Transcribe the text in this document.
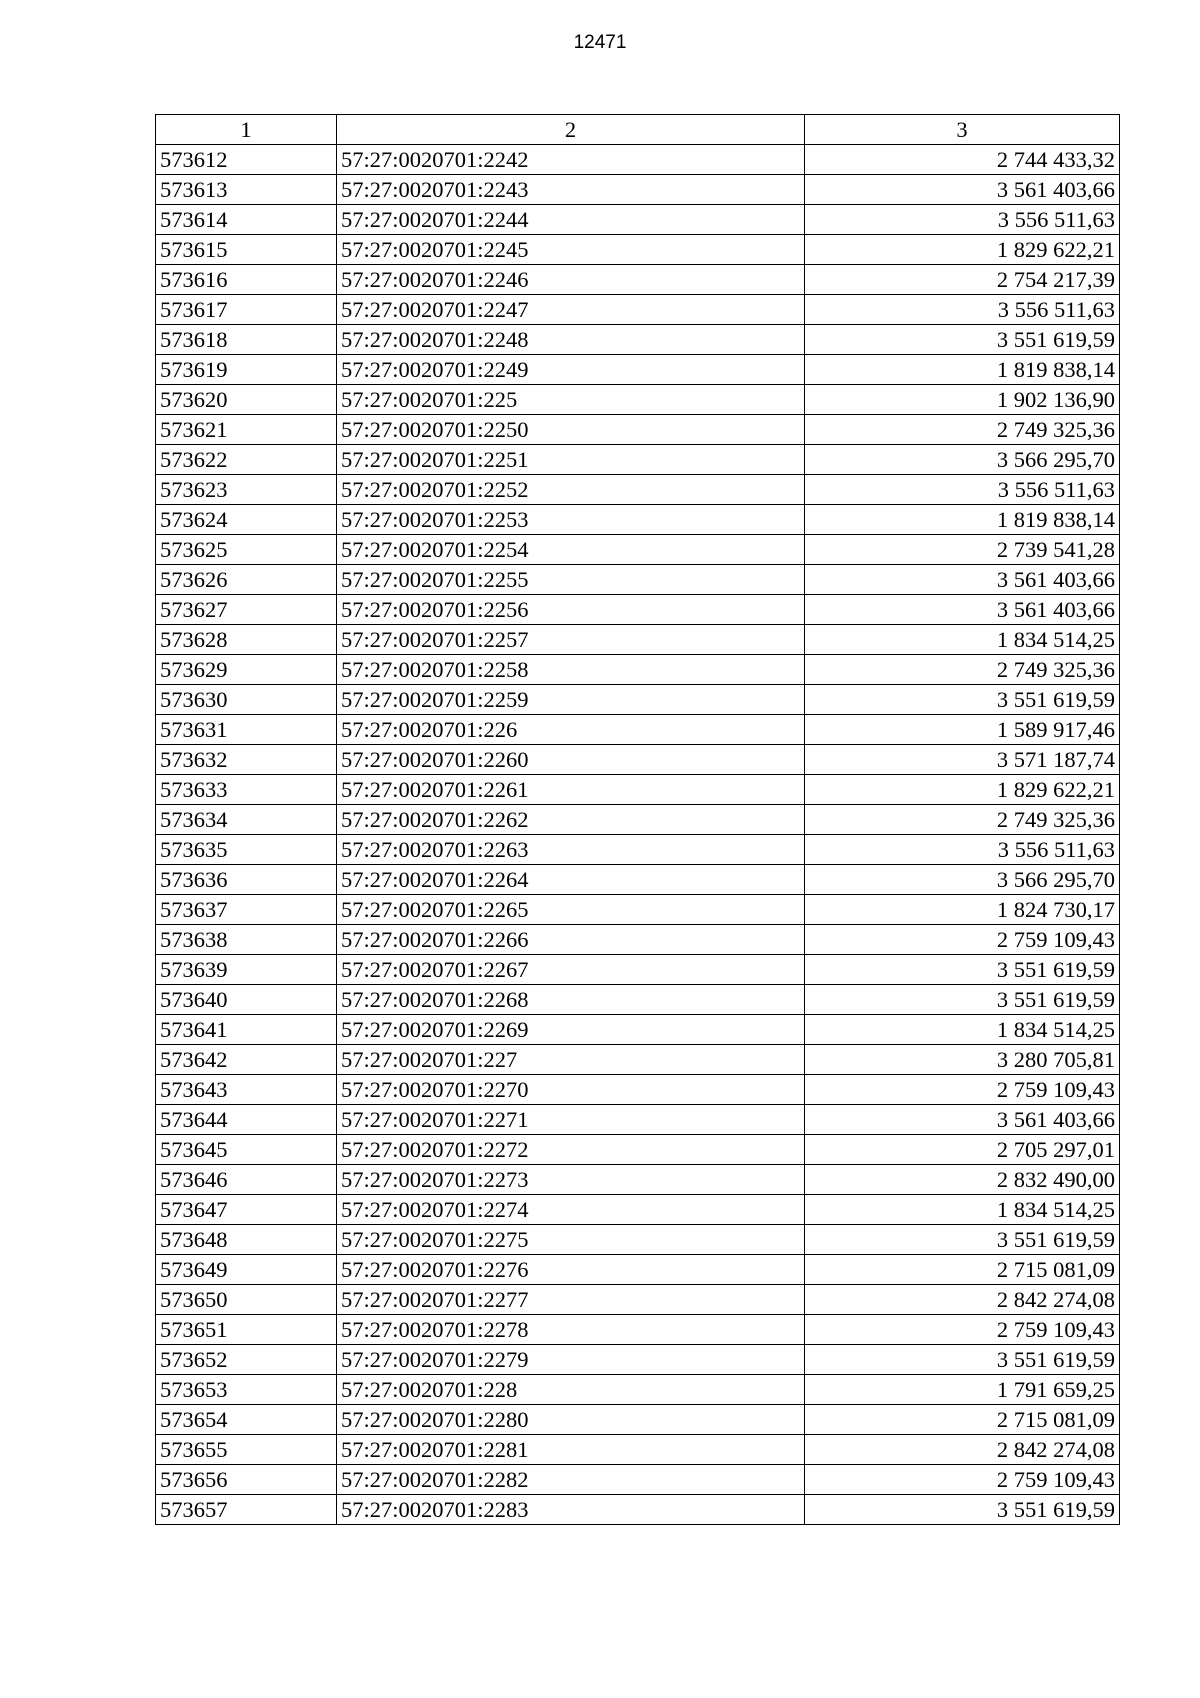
12471
1	2	3
573612	57:27:0020701:2242	2 744 433,32
573613	57:27:0020701:2243	3 561 403,66
573614	57:27:0020701:2244	3 556 511,63
573615	57:27:0020701:2245	1 829 622,21
573616	57:27:0020701:2246	2 754 217,39
573617	57:27:0020701:2247	3 556 511,63
573618	57:27:0020701:2248	3 551 619,59
573619	57:27:0020701:2249	1 819 838,14
573620	57:27:0020701:225	1 902 136,90
573621	57:27:0020701:2250	2 749 325,36
573622	57:27:0020701:2251	3 566 295,70
573623	57:27:0020701:2252	3 556 511,63
573624	57:27:0020701:2253	1 819 838,14
573625	57:27:0020701:2254	2 739 541,28
573626	57:27:0020701:2255	3 561 403,66
573627	57:27:0020701:2256	3 561 403,66
573628	57:27:0020701:2257	1 834 514,25
573629	57:27:0020701:2258	2 749 325,36
573630	57:27:0020701:2259	3 551 619,59
573631	57:27:0020701:226	1 589 917,46
573632	57:27:0020701:2260	3 571 187,74
573633	57:27:0020701:2261	1 829 622,21
573634	57:27:0020701:2262	2 749 325,36
573635	57:27:0020701:2263	3 556 511,63
573636	57:27:0020701:2264	3 566 295,70
573637	57:27:0020701:2265	1 824 730,17
573638	57:27:0020701:2266	2 759 109,43
573639	57:27:0020701:2267	3 551 619,59
573640	57:27:0020701:2268	3 551 619,59
573641	57:27:0020701:2269	1 834 514,25
573642	57:27:0020701:227	3 280 705,81
573643	57:27:0020701:2270	2 759 109,43
573644	57:27:0020701:2271	3 561 403,66
573645	57:27:0020701:2272	2 705 297,01
573646	57:27:0020701:2273	2 832 490,00
573647	57:27:0020701:2274	1 834 514,25
573648	57:27:0020701:2275	3 551 619,59
573649	57:27:0020701:2276	2 715 081,09
573650	57:27:0020701:2277	2 842 274,08
573651	57:27:0020701:2278	2 759 109,43
573652	57:27:0020701:2279	3 551 619,59
573653	57:27:0020701:228	1 791 659,25
573654	57:27:0020701:2280	2 715 081,09
573655	57:27:0020701:2281	2 842 274,08
573656	57:27:0020701:2282	2 759 109,43
573657	57:27:0020701:2283	3 551 619,59
